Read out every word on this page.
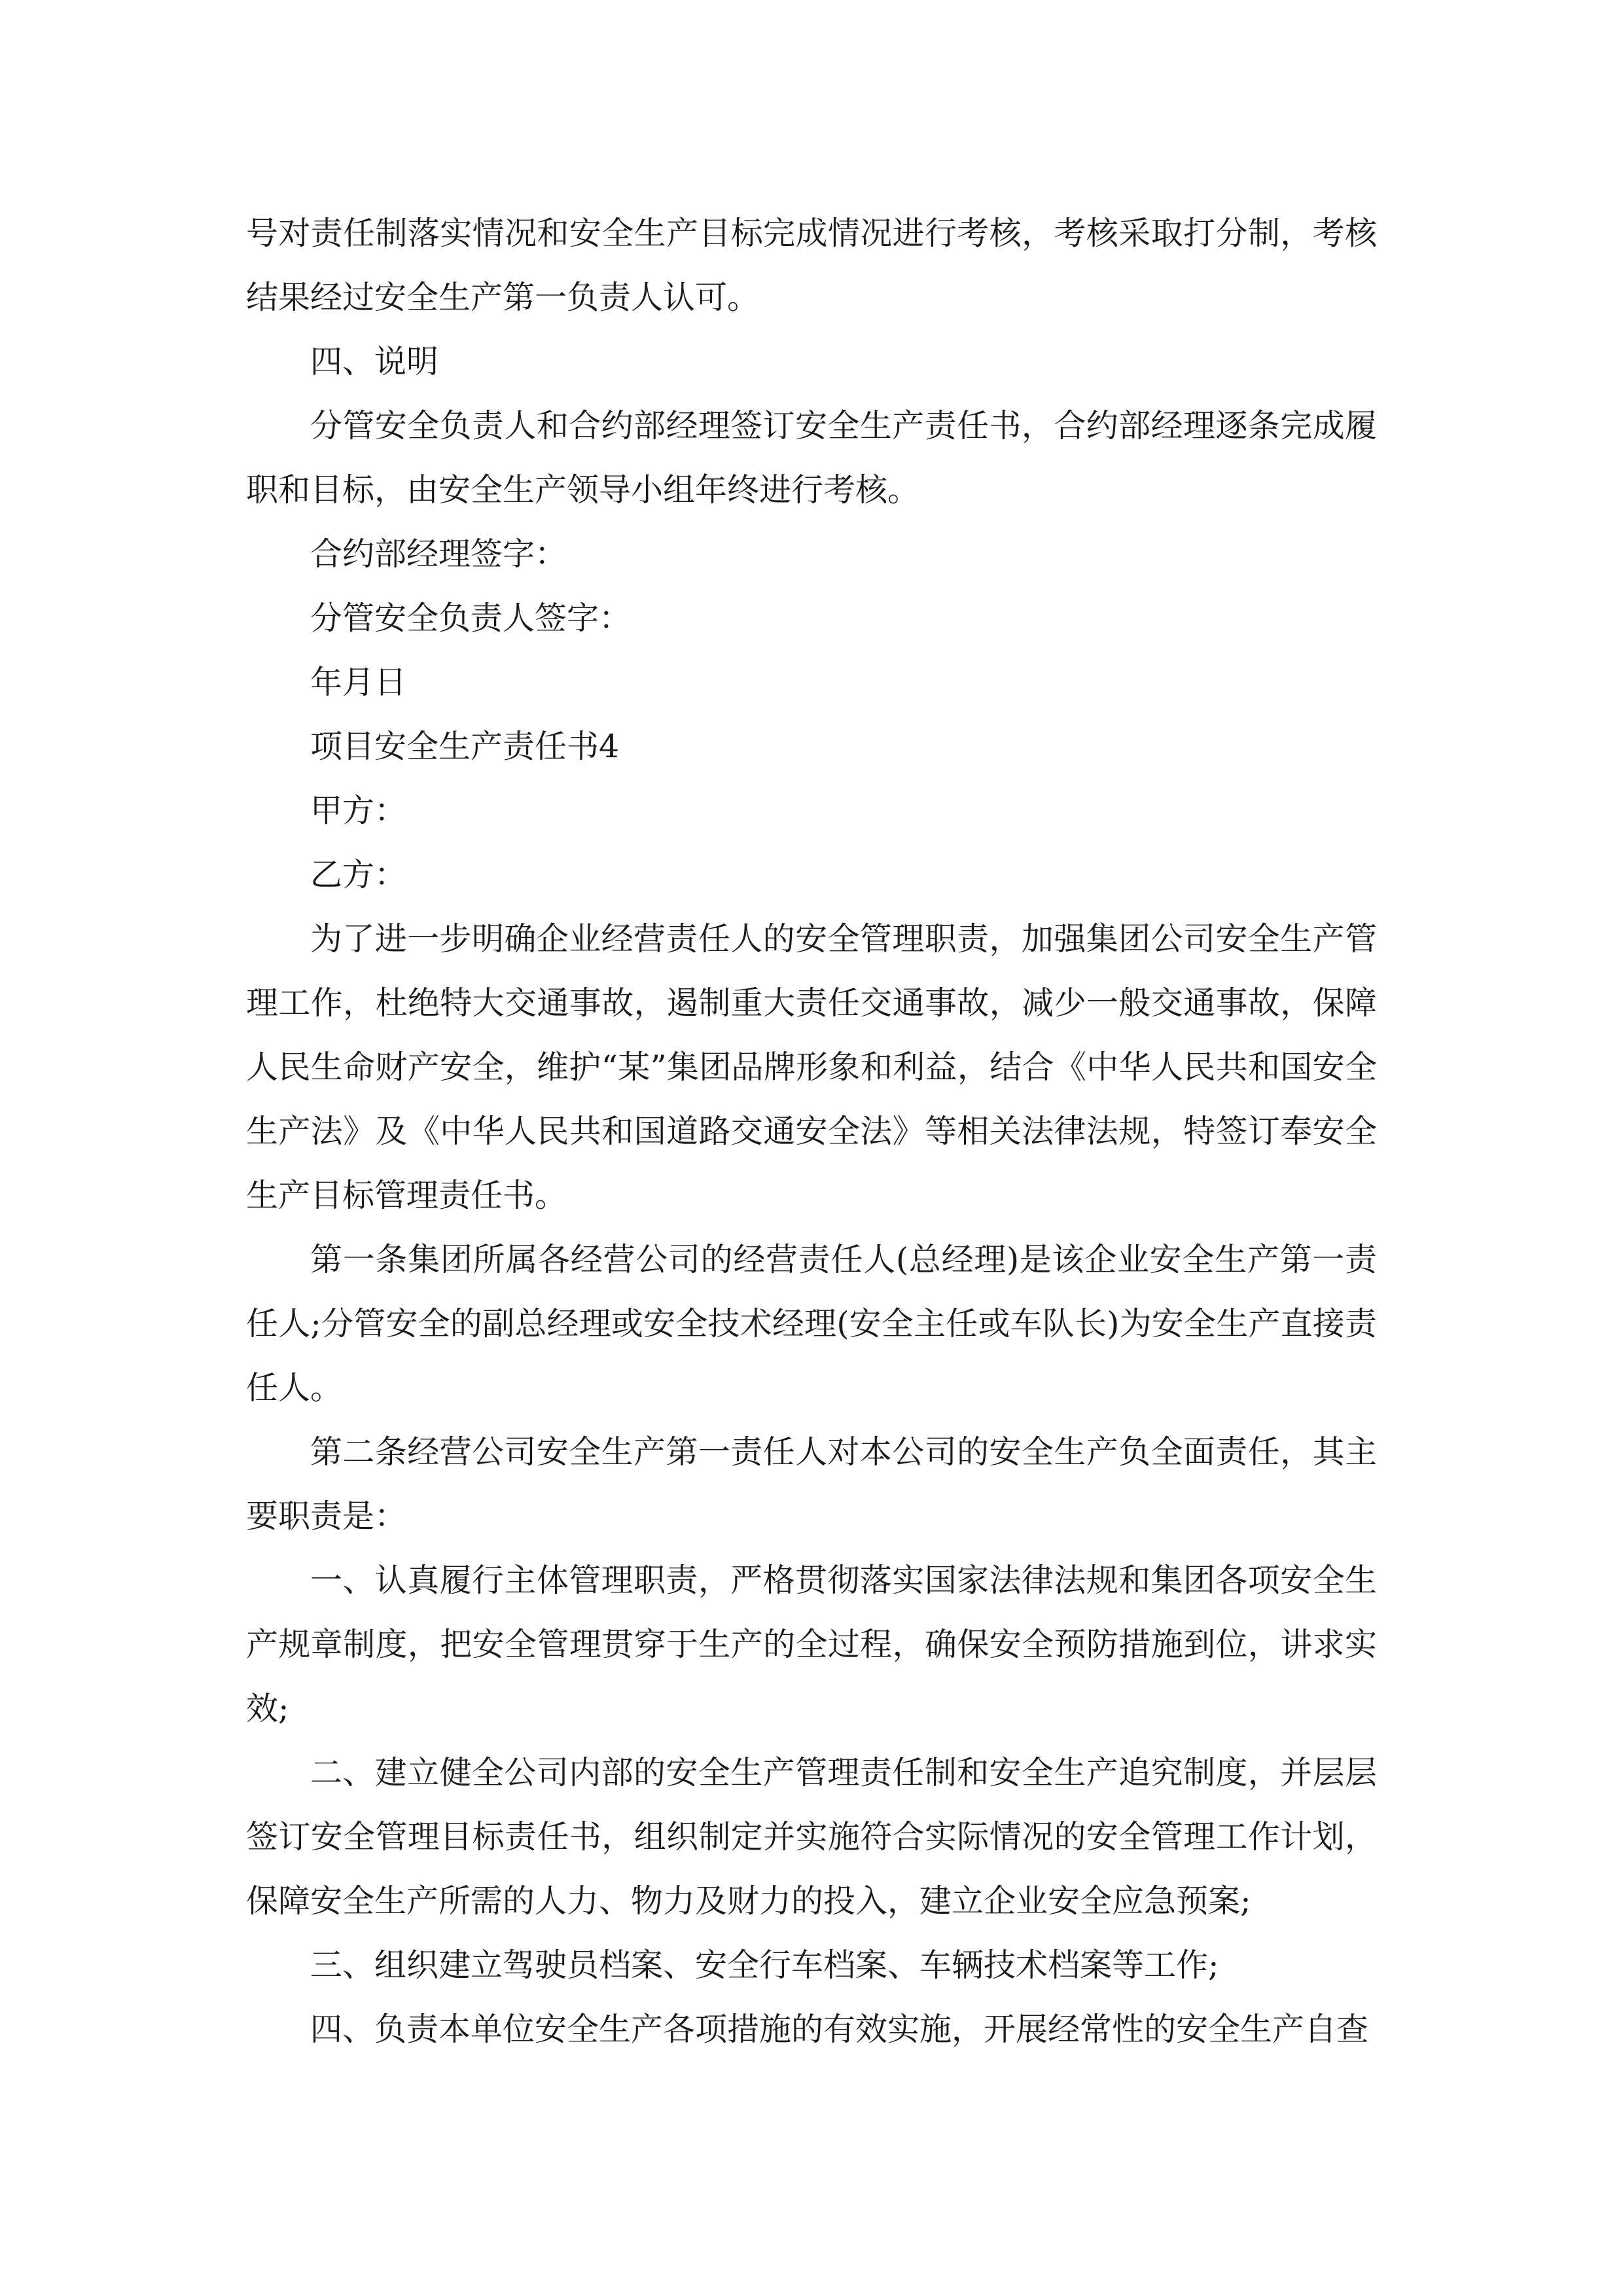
号对责任制落实情况和安全生产目标完成情况进行考核，考核采取打分制，考核结果经过安全生产第一负责人认可。

四、说明

分管安全负责人和合约部经理签订安全生产责任书，合约部经理逐条完成履职和目标，由安全生产领导小组年终进行考核。

合约部经理签字：

分管安全负责人签字：

年月日

项目安全生产责任书4

甲方：

乙方：

为了进一步明确企业经营责任人的安全管理职责，加强集团公司安全生产管理工作，杜绝特大交通事故，遏制重大责任交通事故，减少一般交通事故，保障人民生命财产安全，维护“某”集团品牌形象和利益，结合《中华人民共和国安全生产法》及《中华人民共和国道路交通安全法》等相关法律法规，特签订奉安全生产目标管理责任书。

第一条集团所属各经营公司的经营责任人(总经理)是该企业安全生产第一责任人;分管安全的副总经理或安全技术经理(安全主任或车队长)为安全生产直接责任人。

第二条经营公司安全生产第一责任人对本公司的安全生产负全面责任，其主要职责是：

一、认真履行主体管理职责，严格贯彻落实国家法律法规和集团各项安全生产规章制度，把安全管理贯穿于生产的全过程，确保安全预防措施到位，讲求实效;

二、建立健全公司内部的安全生产管理责任制和安全生产追究制度，并层层签订安全管理目标责任书，组织制定并实施符合实际情况的安全管理工作计划，保障安全生产所需的人力、物力及财力的投入，建立企业安全应急预案;

三、组织建立驾驶员档案、安全行车档案、车辆技术档案等工作;

四、负责本单位安全生产各项措施的有效实施，开展经常性的安全生产自查
